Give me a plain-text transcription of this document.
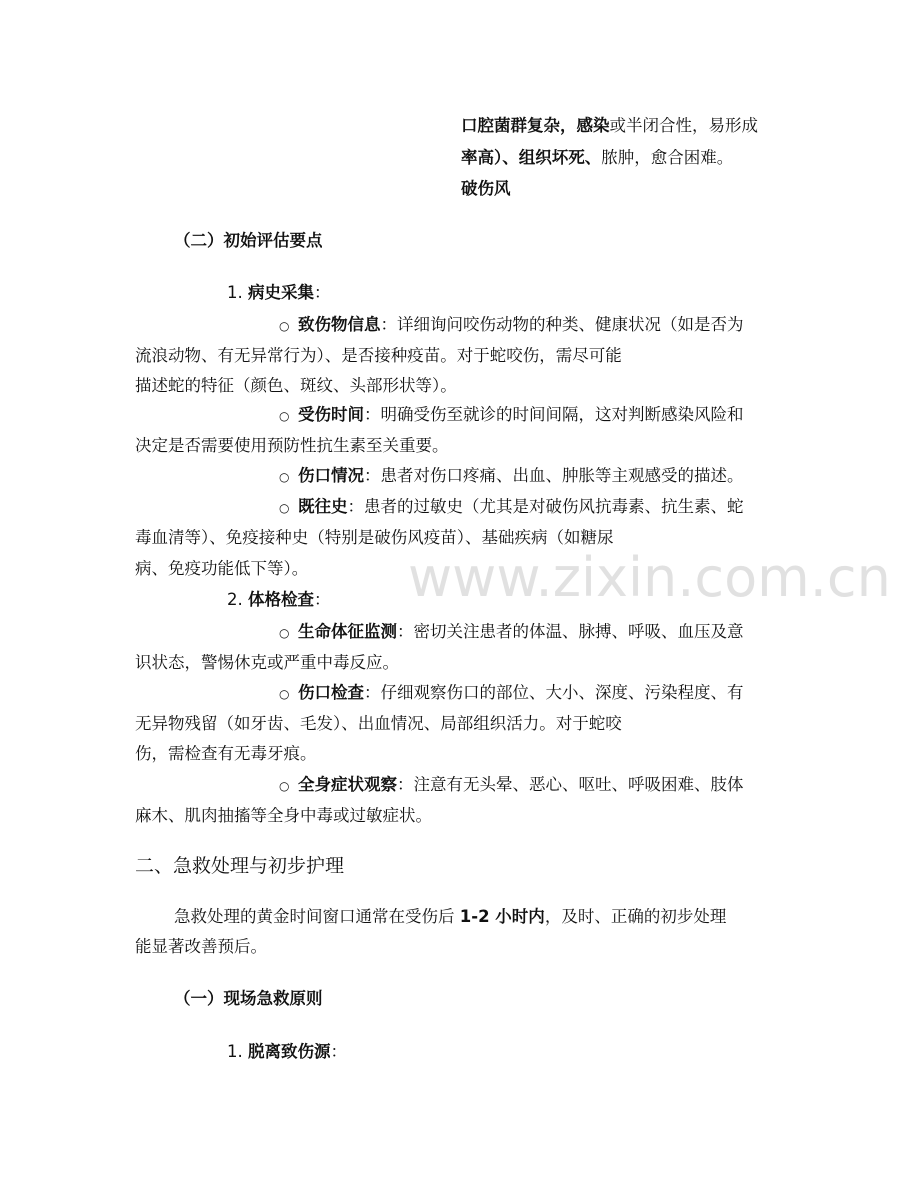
口腔菌群复杂，感染或半闭合性，易形成
率高）、组织坏死、脓肿，愈合困难。
破伤风
（二）初始评估要点
1. 病史采集：
○ 致伤物信息：详细询问咬伤动物的种类、健康状况（如是否为
流浪动物、有无异常行为）、是否接种疫苗。对于蛇咬伤，需尽可能
描述蛇的特征（颜色、斑纹、头部形状等）。
○ 受伤时间：明确受伤至就诊的时间间隔，这对判断感染风险和
决定是否需要使用预防性抗生素至关重要。
○ 伤口情况：患者对伤口疼痛、出血、肿胀等主观感受的描述。
○ 既往史：患者的过敏史（尤其是对破伤风抗毒素、抗生素、蛇
毒血清等）、免疫接种史（特别是破伤风疫苗）、基础疾病（如糖尿
病、免疫功能低下等）。
2. 体格检查：
○ 生命体征监测：密切关注患者的体温、脉搏、呼吸、血压及意
识状态，警惕休克或严重中毒反应。
○ 伤口检查：仔细观察伤口的部位、大小、深度、污染程度、有
无异物残留（如牙齿、毛发）、出血情况、局部组织活力。对于蛇咬
伤，需检查有无毒牙痕。
○ 全身症状观察：注意有无头晕、恶心、呕吐、呼吸困难、肢体
麻木、肌肉抽搐等全身中毒或过敏症状。
二、急救处理与初步护理
急救处理的黄金时间窗口通常在受伤后 1-2 小时内，及时、正确的初步处理
能显著改善预后。
（一）现场急救原则
1. 脱离致伤源：
www.zixin.com.cn
